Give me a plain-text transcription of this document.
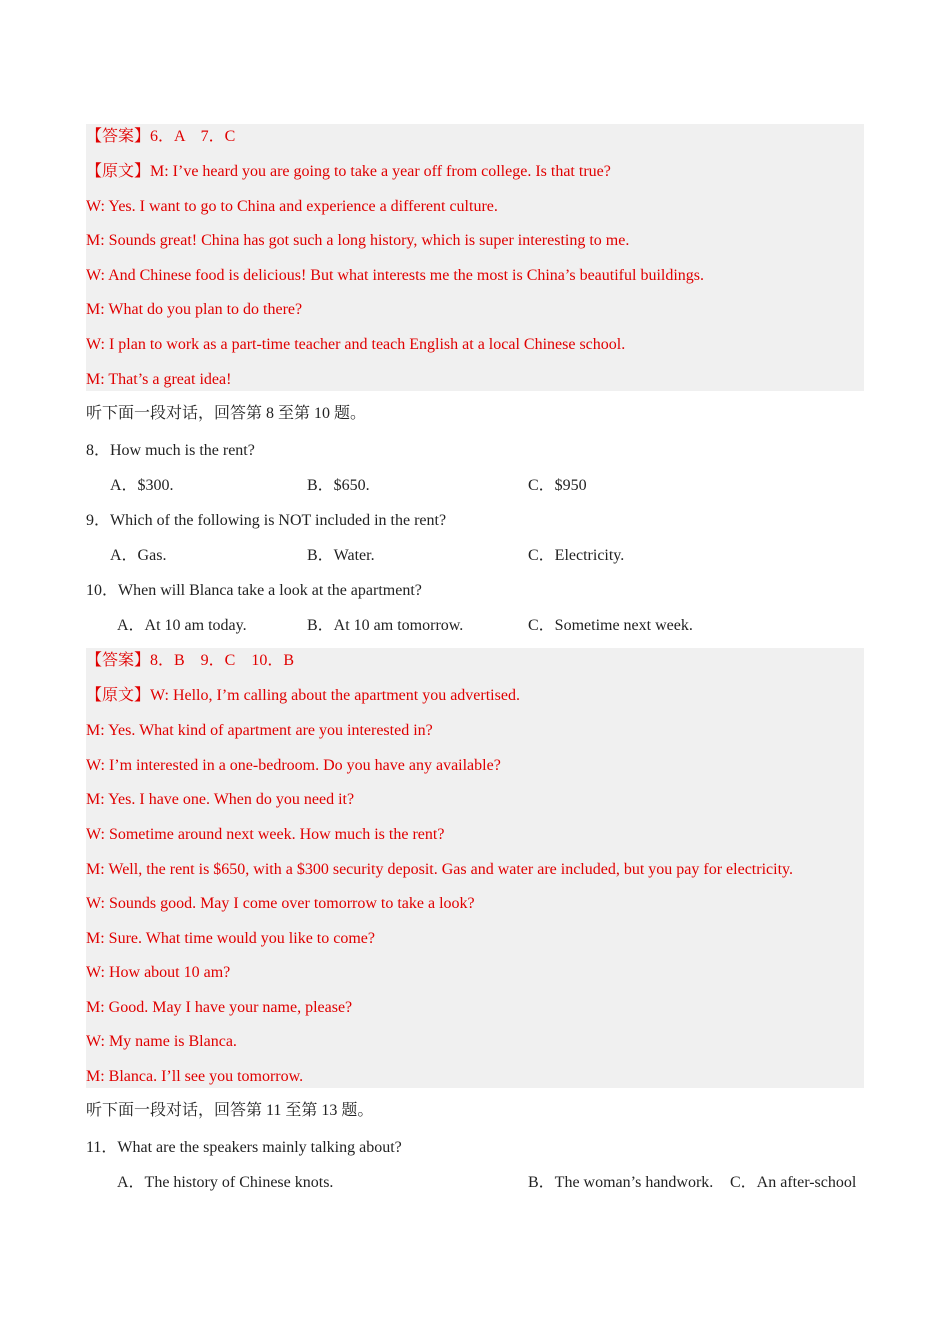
【答案】6．A　7．C
【原文】M: I’ve heard you are going to take a year off from college. Is that true?
W: Yes. I want to go to China and experience a different culture.
M: Sounds great! China has got such a long history, which is super interesting to me.
W: And Chinese food is delicious! But what interests me the most is China’s beautiful buildings.
M: What do you plan to do there?
W: I plan to work as a part-time teacher and teach English at a local Chinese school.
M: That’s a great idea!
听下面一段对话，回答第 8 至第 10 题。
8．How much is the rent?
A．$300.	B．$650.	C．$950
9．Which of the following is NOT included in the rent?
A．Gas.	B．Water.	C．Electricity.
10．When will Blanca take a look at the apartment?
A．At 10 am today.	B．At 10 am tomorrow.	C．Sometime next week.
【答案】8．B　9．C　10．B
【原文】W: Hello, I’m calling about the apartment you advertised.
M: Yes. What kind of apartment are you interested in?
W: I’m interested in a one-bedroom. Do you have any available?
M: Yes. I have one. When do you need it?
W: Sometime around next week. How much is the rent?
M: Well, the rent is $650, with a $300 security deposit. Gas and water are included, but you pay for electricity.
W: Sounds good. May I come over tomorrow to take a look?
M: Sure. What time would you like to come?
W: How about 10 am?
M: Good. May I have your name, please?
W: My name is Blanca.
M: Blanca. I’ll see you tomorrow.
听下面一段对话，回答第 11 至第 13 题。
11．What are the speakers mainly talking about?
A．The history of Chinese knots.	B．The woman’s handwork. C．An after-school
